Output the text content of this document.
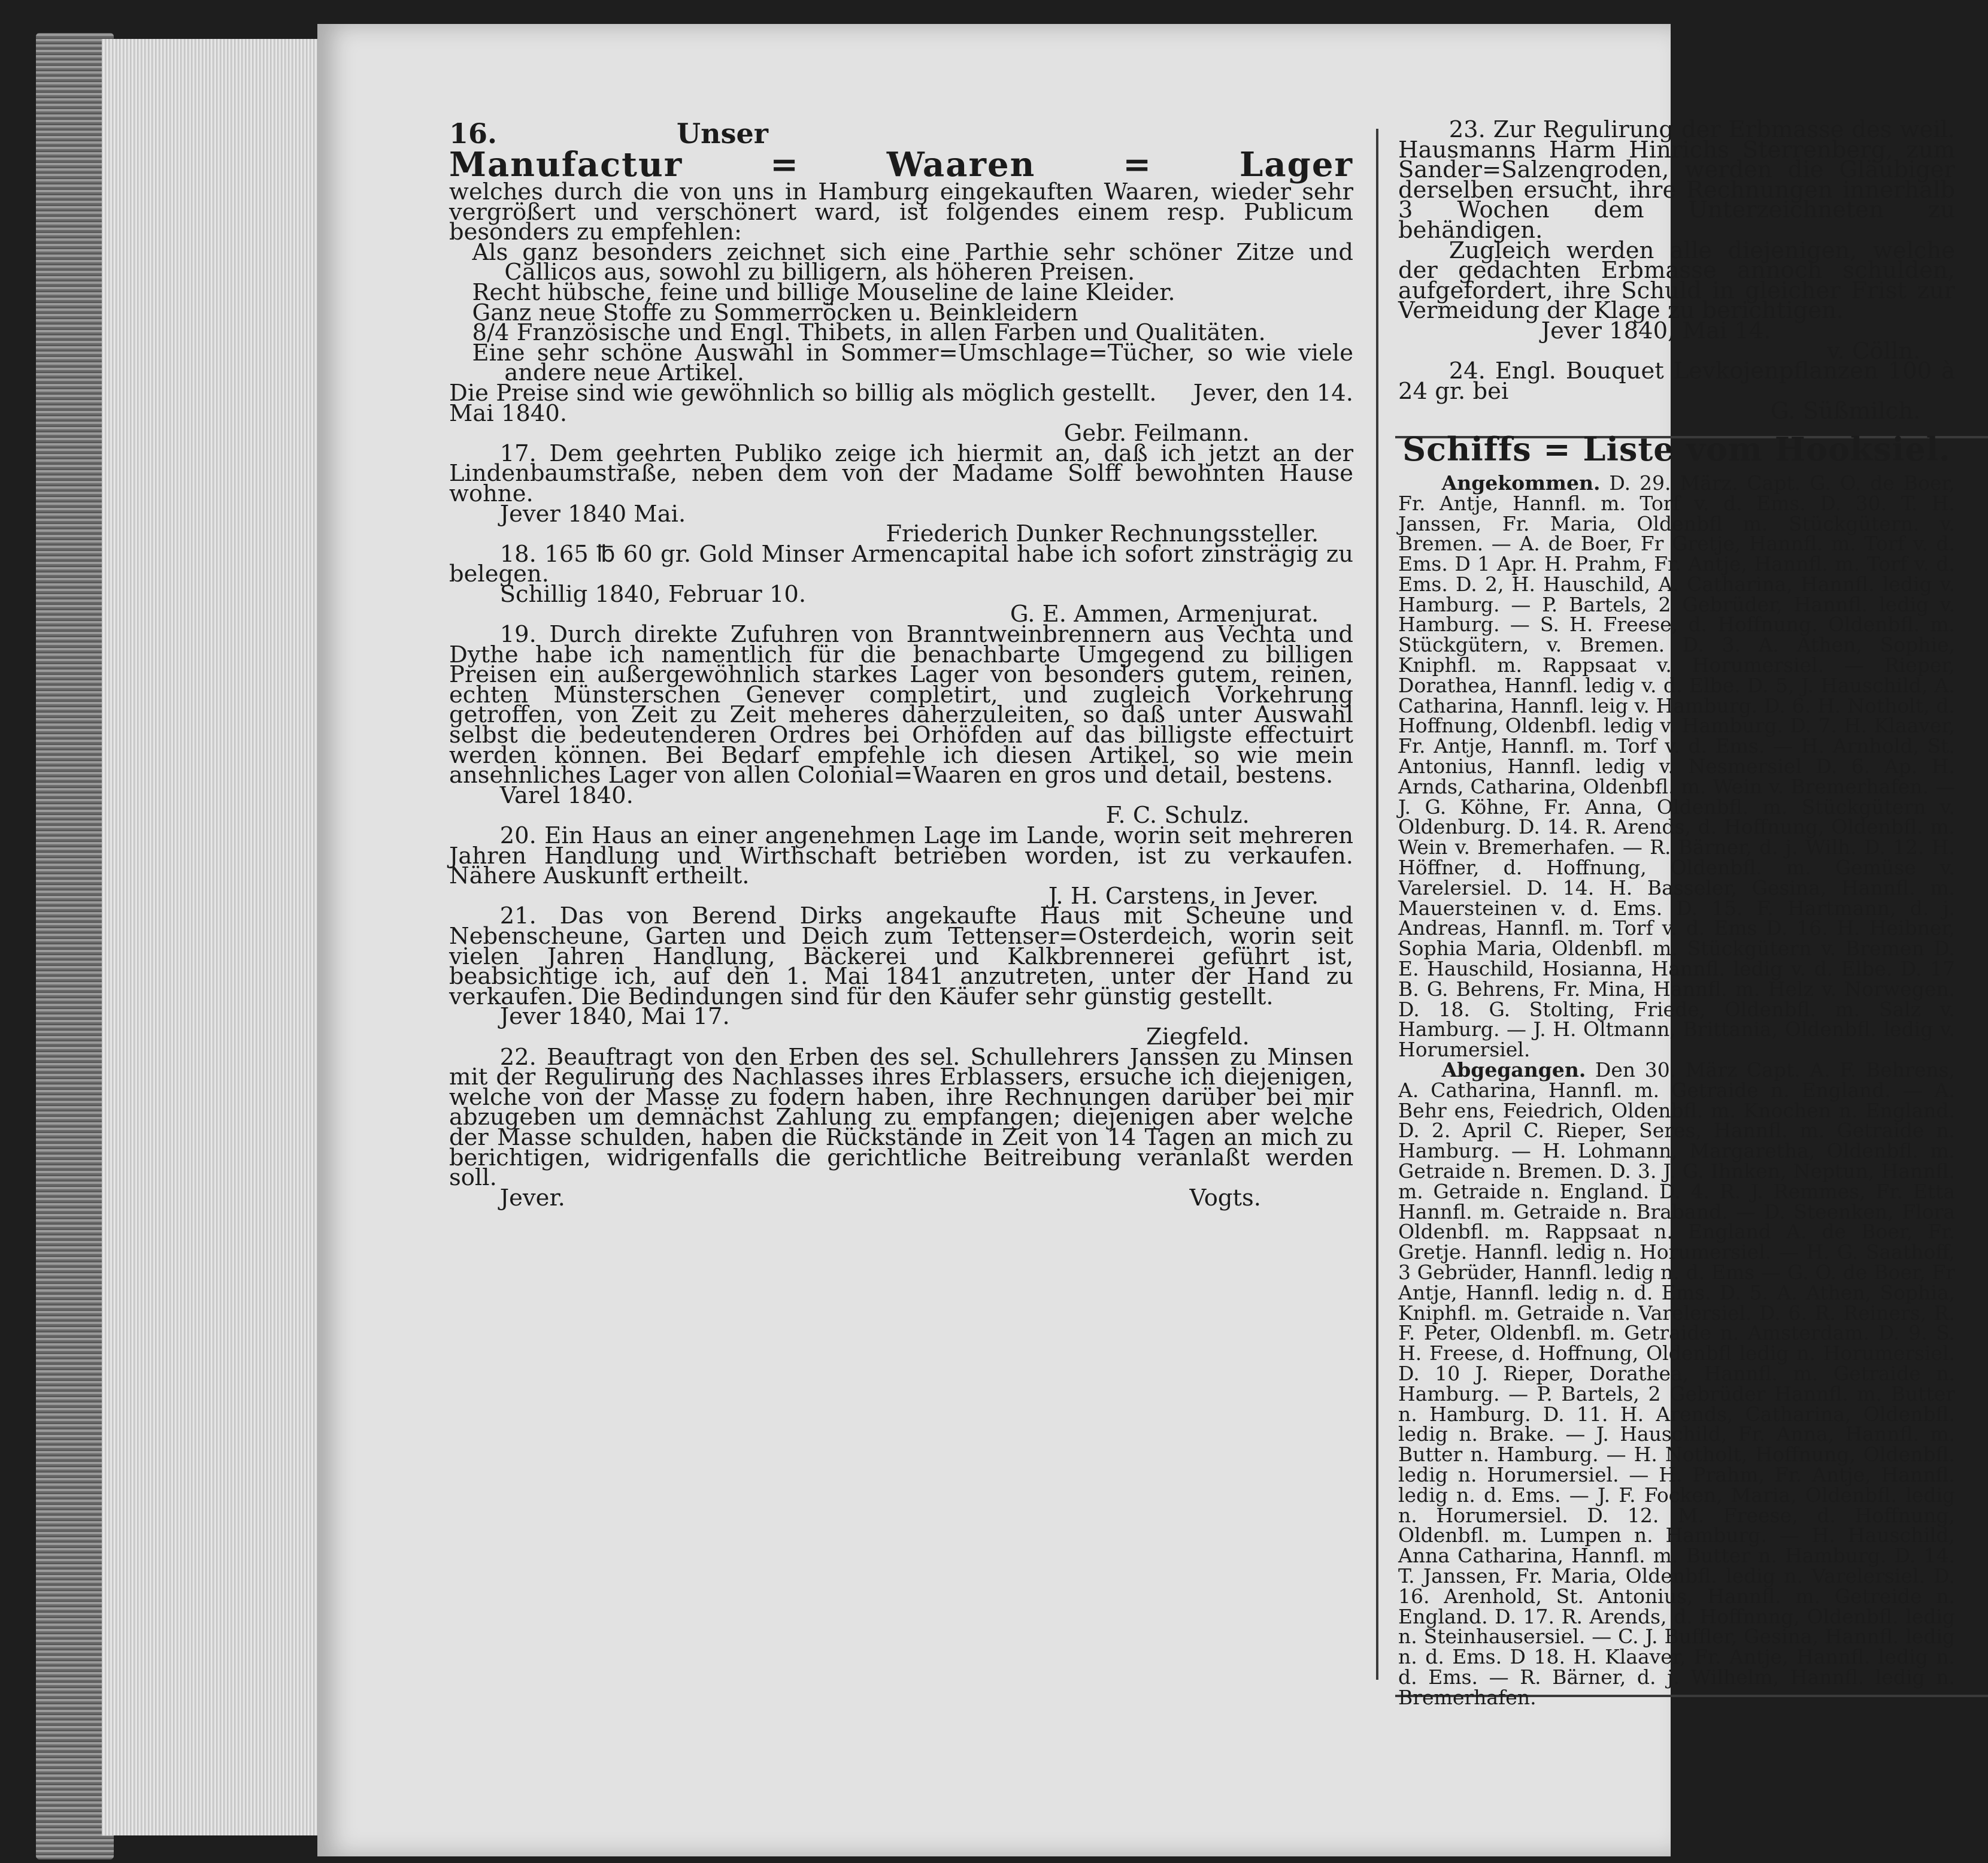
16.	Unser
Manufactur	=	Waaren	=	Lager

welches durch die von uns in Hamburg eingekauften Waaren, wieder sehr vergrößert und verschönert ward, ist folgendes einem resp. Publicum besonders zu empfehlen:

Als ganz besonders zeichnet sich eine Parthie sehr schöner Zitze und Callicos aus, sowohl zu billigern, als höheren Preisen.

Recht hübsche, feine und billige Mouseline de laine Kleider.

Ganz neue Stoffe zu Sommerröcken u. Beinkleidern

8/4 Französische und Engl. Thibets, in allen Farben und Qualitäten.

Eine sehr schöne Auswahl in Sommer=Umschlage=Tücher, so wie viele andere neue Artikel.

Die Preise sind wie gewöhnlich so billig als möglich gestellt. Jever, den 14. Mai 1840.

Gebr. Feilmann.

17. Dem geehrten Publiko zeige ich hiermit an, daß ich jetzt an der Lindenbaumstraße, neben dem von der Madame Solff bewohnten Hause wohne.

Jever 1840 Mai.

Friederich Dunker Rechnungssteller.

18. 165 ℔ 60 gr. Gold Minser Armencapital habe ich sofort zinsträgig zu belegen.

Schillig 1840, Februar 10.

G. E. Ammen, Armenjurat.

19. Durch direkte Zufuhren von Branntweinbrennern aus Vechta und Dythe habe ich namentlich für die benachbarte Umgegend zu billigen Preisen ein außergewöhnlich starkes Lager von besonders gutem, reinen, echten Münsterschen Genever completirt, und zugleich Vorkehrung getroffen, von Zeit zu Zeit meheres daherzuleiten, so daß unter Auswahl selbst die bedeutenderen Ordres bei Orhöfden auf das billigste effectuirt werden können. Bei Bedarf empfehle ich diesen Artikel, so wie mein ansehnliches Lager von allen Colonial=Waaren en gros und detail, bestens.

Varel 1840.

F. C. Schulz.

20. Ein Haus an einer angenehmen Lage im Lande, worin seit mehreren Jahren Handlung und Wirthschaft betrieben worden, ist zu verkaufen. Nähere Auskunft ertheilt.

J. H. Carstens, in Jever.

21. Das von Berend Dirks angekaufte Haus mit Scheune und Nebenscheune, Garten und Deich zum Tettenser=Osterdeich, worin seit vielen Jahren Handlung, Bäckerei und Kalkbrennerei geführt ist, beabsichtige ich, auf den 1. Mai 1841 anzutreten, unter der Hand zu verkaufen. Die Bedindungen sind für den Käufer sehr günstig gestellt.

Jever 1840, Mai 17.

Ziegfeld.

22. Beauftragt von den Erben des sel. Schullehrers Janssen zu Minsen mit der Regulirung des Nachlasses ihres Erblassers, ersuche ich diejenigen, welche von der Masse zu fodern haben, ihre Rechnungen darüber bei mir abzugeben um demnächst Zahlung zu empfangen; diejenigen aber welche der Masse schulden, haben die Rückstände in Zeit von 14 Tagen an mich zu berichtigen, widrigenfalls die gerichtliche Beitreibung veranlaßt werden soll.

Jever.	Vogts.

23. Zur Regulirung der Erbmasse des weil. Hausmanns Harm Hinrichs Sterrenberg, zum Sander=Salzengroden, werden die Gläubiger derselben ersucht, ihre Rechnungen innerhalb 3 Wochen dem Unterzeichneten zu behändigen.

Zugleich werden alle diejenigen, welche der gedachten Erbmasse annoch schulden, aufgefordert, ihre Schuld in gleicher Frist zur Vermeidung der Klage zu berichtigen.

Jever 1840, Mai 14.

v. Cölln.

24. Engl. Bouquet Levkojenpflanzen 100 à 24 gr. bei

G. Süßmilch.

Schiffs = Liste vom Hooksiel.

Angekommen. D. 29. März. Capt. G. O. de Boer, Fr. Antje, Hannfl. m. Torf v. d. Ems. D. 30. T. H. Janssen, Fr. Maria, Oldenbfl m. Stückgütern. v. Bremen. — A. de Boer, Fr Gretje, Hannfl. m. Torf v. d. Ems. D 1 Apr. H. Prahm, Fr. Antje, Hannfl. m. Torf v. d. Ems. D. 2, H. Hauschild, A. Catharina, Hannfl. ledig v. Hamburg. — P. Bartels, 2 Gebrüder, Hannfl. ledig v. Hamburg. — S. H. Freese, d. Hoffnung. Oldenbfl. m. Stückgütern, v. Bremen. D. 3. A. Athen, Sophie, Kniphfl. m. Rappsaat v. Horumersiel. — Rieper, Dorathea, Hannfl. ledig v. d. Elbe. D. 5, J. Hauschild, A. Catharina, Hannfl. leig v. Hamburg. D. 6. H. Notholt, d. Hoffnung, Oldenbfl. ledig v. Hamburg. D. 7. H. Klaaver, Fr. Antje, Hannfl. m. Torf v. d. Ems. — H. Arnhold, St. Antonius, Hannfl. ledig v. Nesmersiel D. 6. Ap. H. Arnds, Catharina, Oldenbfl. m. Wein v. Bremerhafen. — J. G. Köhne, Fr. Anna, Oldenbfl. m. Stückgütern v. Oldenburg. D. 14. R. Arends, d. Hoffnung, Oldenbfl. m. Wein v. Bremerhafen. — R. Bärner, d. j. Wilh. D. 12. H. Höffner, d. Hoffnung, Oldenbfl. m. Gemüse v. Varelersiel. D. 14. H. Basseler, Gesina, Hannfl. m. Mauersteinen v. d. Ems. D. 15. F. Hartmann, d. j. Andreas, Hannfl. m. Torf v. d. Ems D. 16. H. Heibner, Sophia Maria, Oldenbfl. m. Stückgütern v. Bremen D. E. Hauschild, Hosianna, Hannfl. ledig v. d. Elbe. D. 17 B. G. Behrens, Fr. Mina, Hannfl. m. Helz v. Norwegen. D. 18. G. Stolting, Friede, Oldenbfl. m. Salz v. Hamburg. — J. H. Oltmann, Brittania, Oldenbfl. ledig v. Horumersiel.

Abgegangen. Den 30. März Capt. A. F. Behrens, A. Catharina, Hannfl. m. Getraide n. England. — A. Behr ens, Feiedrich, Oldenbfl. m. Knochen n. England. D. 2. April C. Rieper, Seres, Hannfl. m. Getraide n. Hamburg. — H. Lohmann, Margaretha, Oldenbfl. m. Getraide n. Bremen. D. 3. J. G. Ihnken, Neptun, Hannfl. m. Getraide n. England. D. 4. R. J. Remmes, Fr. Etta Hannfl. m. Getraide n. Braband. — D. Steenken, Flora Oldenbfl. m. Rappsaat n. England A. de Boer, Fr. Gretje. Hannfl. ledig n. Horumersiel. — H. G. Saathoff, 3 Gebrüder, Hannfl. ledig n. d. Ems — G. O. de Boer, Fr Antje, Hannfl. ledig n. d. Ems. D. 5. A. Athen, Sophia, Kniphfl. m. Getraide n. Varelersiel. D. 6. R. Reiners, R. F. Peter, Oldenbfl. m. Getraide n. Amsterdam. D. 9. S. H. Freese, d. Hoffnung, Oldenbfl ledig n. Horumersiel. D. 10 J. Rieper, Dorathea, Hannfl. m. Getraide n. Hamburg. — P. Bartels, 2 Gebrüder Hannfl. m. Butter n. Hamburg. D. 11. H. Arends, Catharina, Oldenbfl. ledig n. Brake. — J. Hauschild, Fr. Anna, Hannfl. m. Butter n. Hamburg. — H. Notholt, Hoffnung, Oldenbfl. ledig n. Horumersiel. — H. Prahm, Fr. Antje, Hannfl. ledig n. d. Ems. — J. F. Focken, Maria, Oldenbfl. ledig n. Horumersiel. D. 12. M. Freese, d. Hoffnung, Oldenbfl. m. Lumpen n. Hamburg. — H. Hauschild, Anna Catharina, Hannfl. m. Butter n. Hamburg. D. 14. T. Janssen, Fr. Maria, Oldenbfl. ledig n. Varelersiel. D. 16. Arenhold, St. Antonius, Hannfl. m. Getreide n. England. D. 17. R. Arends, d. Hoffnnng, Oldenbfl. ledig n. Steinhausersiel. — C. J. Buffler, Gesina, Hannfl. ledig n. d. Ems. D 18. H. Klaaver, Fr. Antje, Hannfl. ledig n. d. Ems. — R. Bärner, d. j. Wilhelm, Hannfl. ledig n. Bremerhafen.
